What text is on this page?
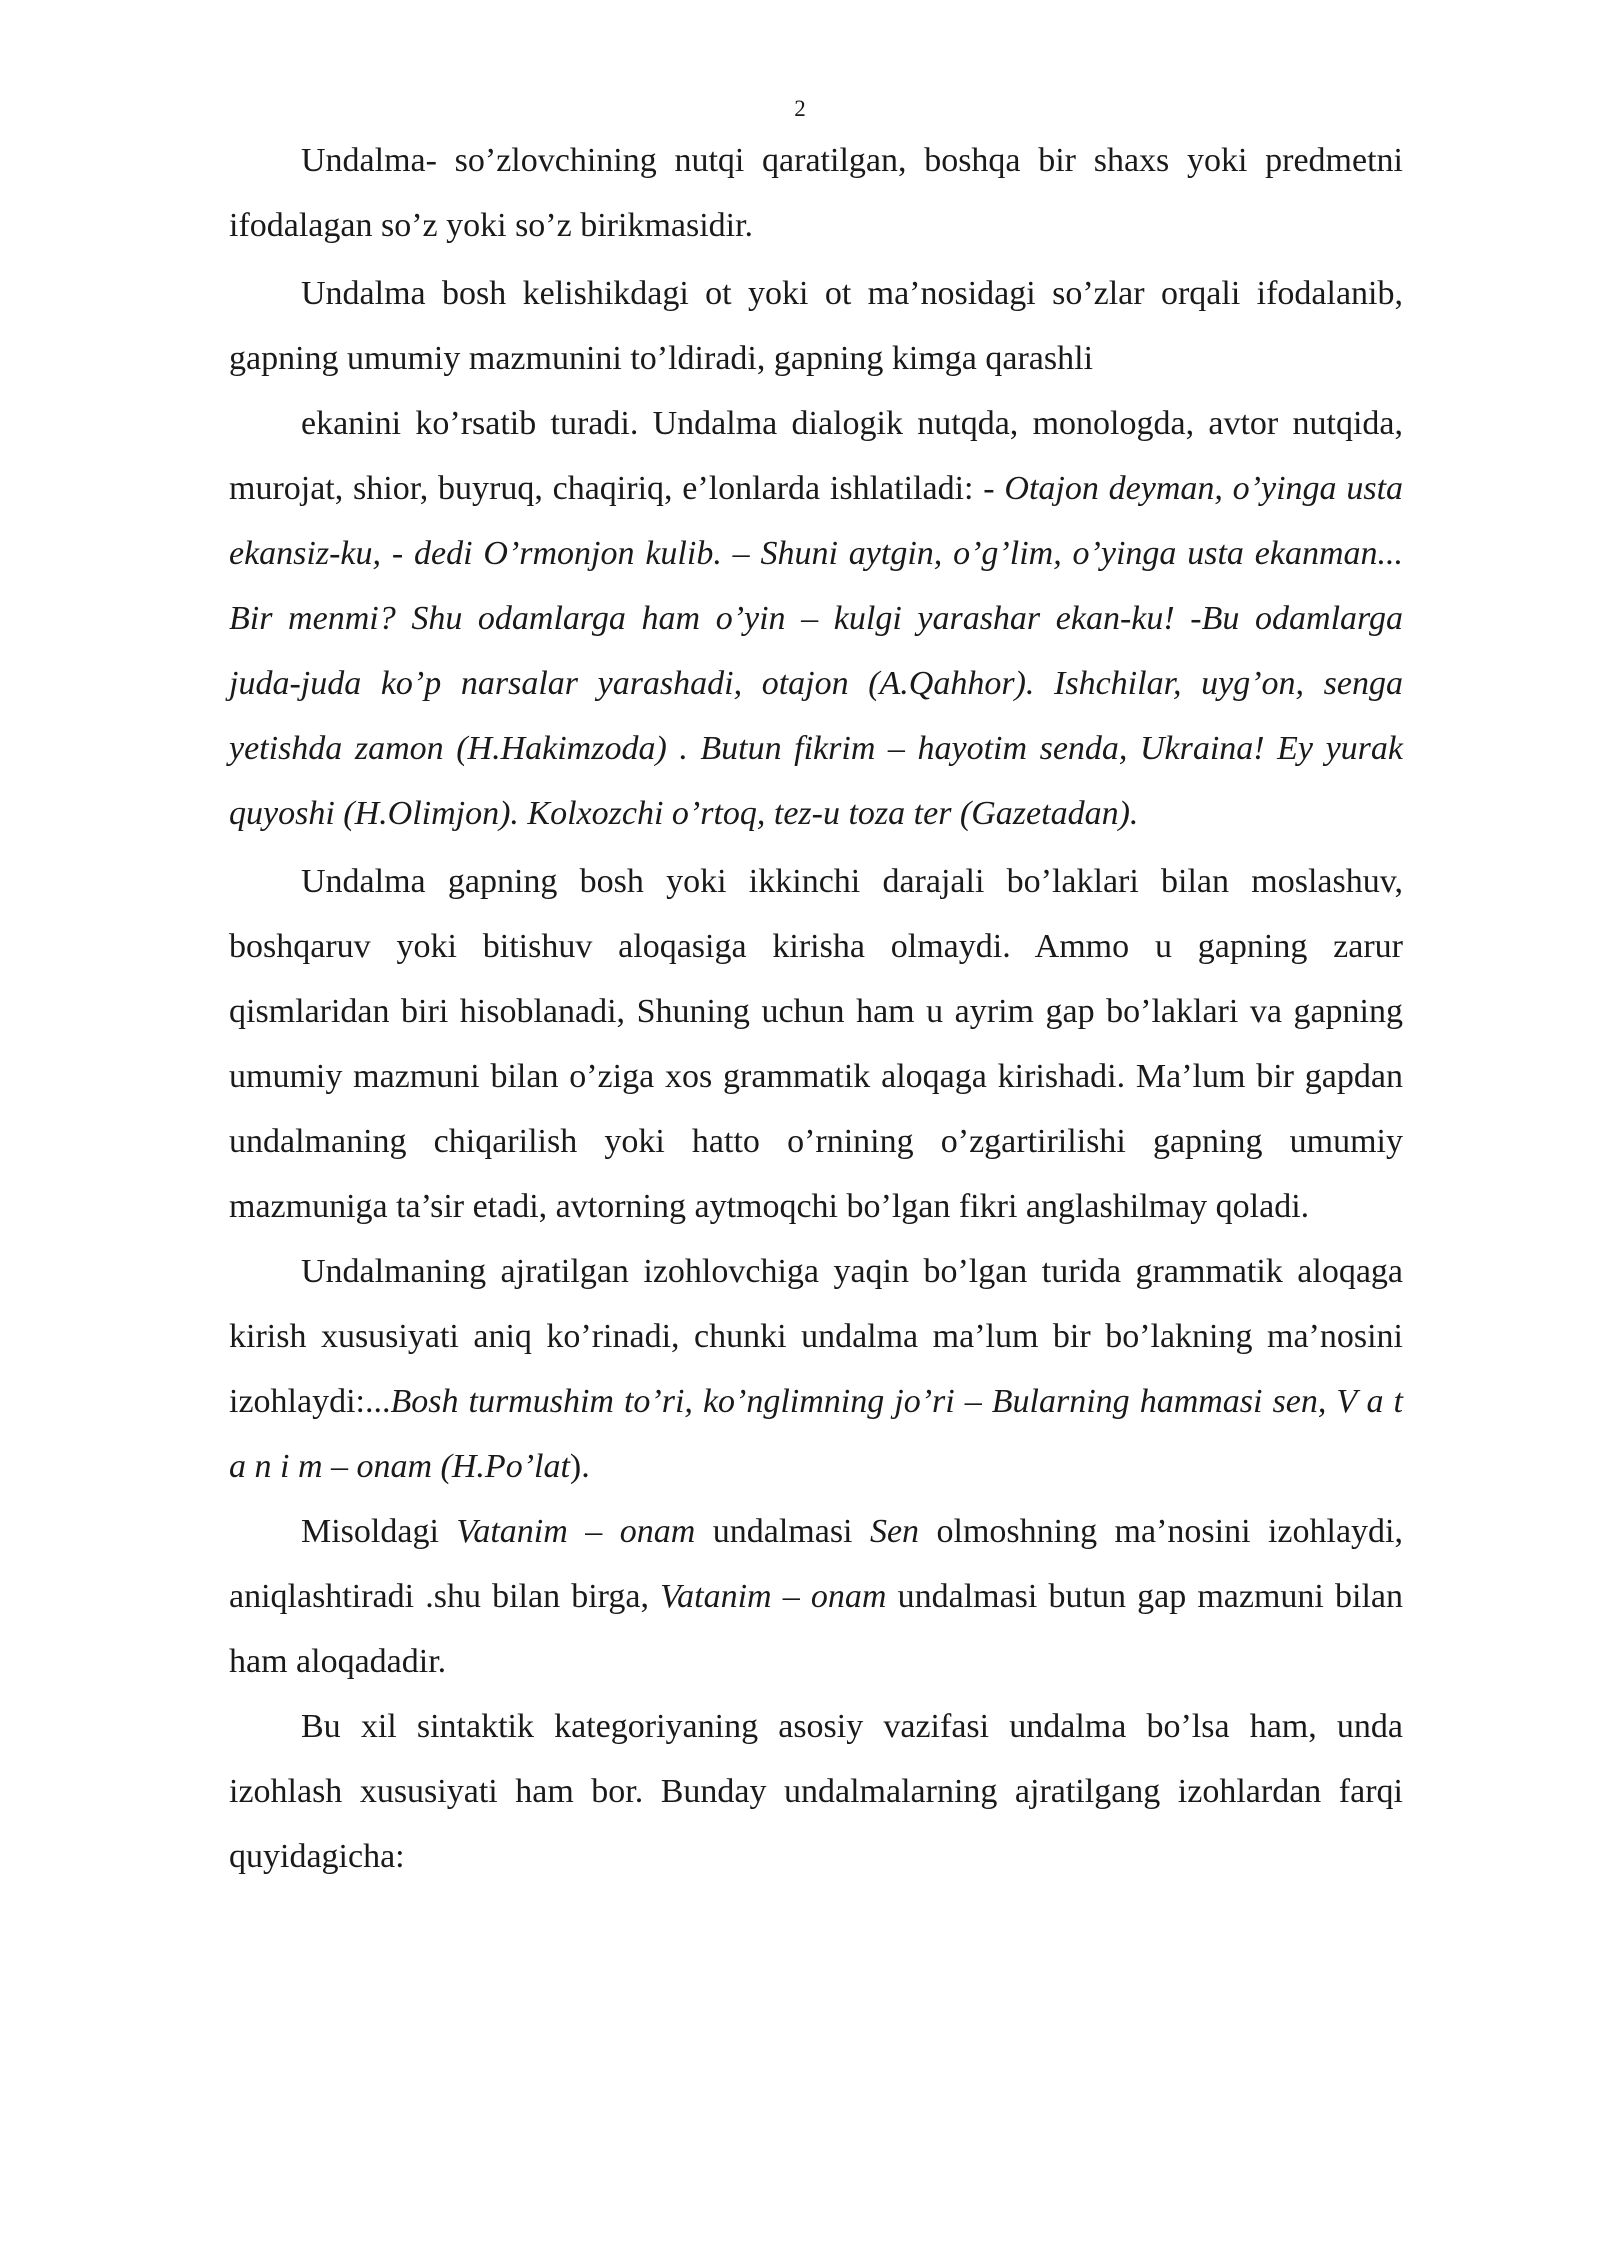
2

Undalma- so’zlovchining nutqi qaratilgan, boshqa bir shaxs yoki predmetni ifodalagan so’z yoki so’z birikmasidir.

Undalma bosh kelishikdagi ot yoki ot ma’nosidagi so’zlar orqali ifodalanib, gapning umumiy mazmunini to’ldiradi, gapning kimga qarashli

ekanini ko’rsatib turadi. Undalma dialogik nutqda, monologda, avtor nutqida, murojat, shior, buyruq, chaqiriq, e’lonlarda ishlatiladi: - Otajon deyman, o’yinga usta ekansiz-ku, - dedi O’rmonjon kulib. – Shuni aytgin, o’g’lim, o’yinga usta ekanman... Bir menmi? Shu odamlarga ham o’yin – kulgi yarashar ekan-ku! -Bu odamlarga juda-juda ko’p narsalar yarashadi, otajon (A.Qahhor). Ishchilar, uyg’on, senga yetishda zamon (H.Hakimzoda) . Butun fikrim – hayotim senda, Ukraina! Ey yurak quyoshi (H.Olimjon). Kolxozchi o’rtoq, tez-u toza ter (Gazetadan).

Undalma gapning bosh yoki ikkinchi darajali bo’laklari bilan moslashuv, boshqaruv yoki bitishuv aloqasiga kirisha olmaydi. Ammo u gapning zarur qismlaridan biri hisoblanadi, Shuning uchun ham u ayrim gap bo’laklari va gapning umumiy mazmuni bilan o’ziga xos grammatik aloqaga kirishadi. Ma’lum bir gapdan undalmaning chiqarilish yoki hatto o’rnining o’zgartirilishi gapning umumiy mazmuniga ta’sir etadi, avtorning aytmoqchi bo’lgan fikri anglashilmay qoladi.

Undalmaning ajratilgan izohlovchiga yaqin bo’lgan turida grammatik aloqaga kirish xususiyati aniq ko’rinadi, chunki undalma ma’lum bir bo’lakning ma’nosini izohlaydi:...Bosh turmushim to’ri, ko’nglimning jo’ri – Bularning hammasi sen, V a t a n i m – onam (H.Po’lat).

Misoldagi Vatanim – onam undalmasi Sen olmoshning ma’nosini izohlaydi, aniqlashtiradi .shu bilan birga, Vatanim – onam undalmasi butun gap mazmuni bilan ham aloqadadir.

Bu xil sintaktik kategoriyaning asosiy vazifasi undalma bo’lsa ham, unda izohlash xususiyati ham bor. Bunday undalmalarning ajratilgang izohlardan farqi quyidagicha:
